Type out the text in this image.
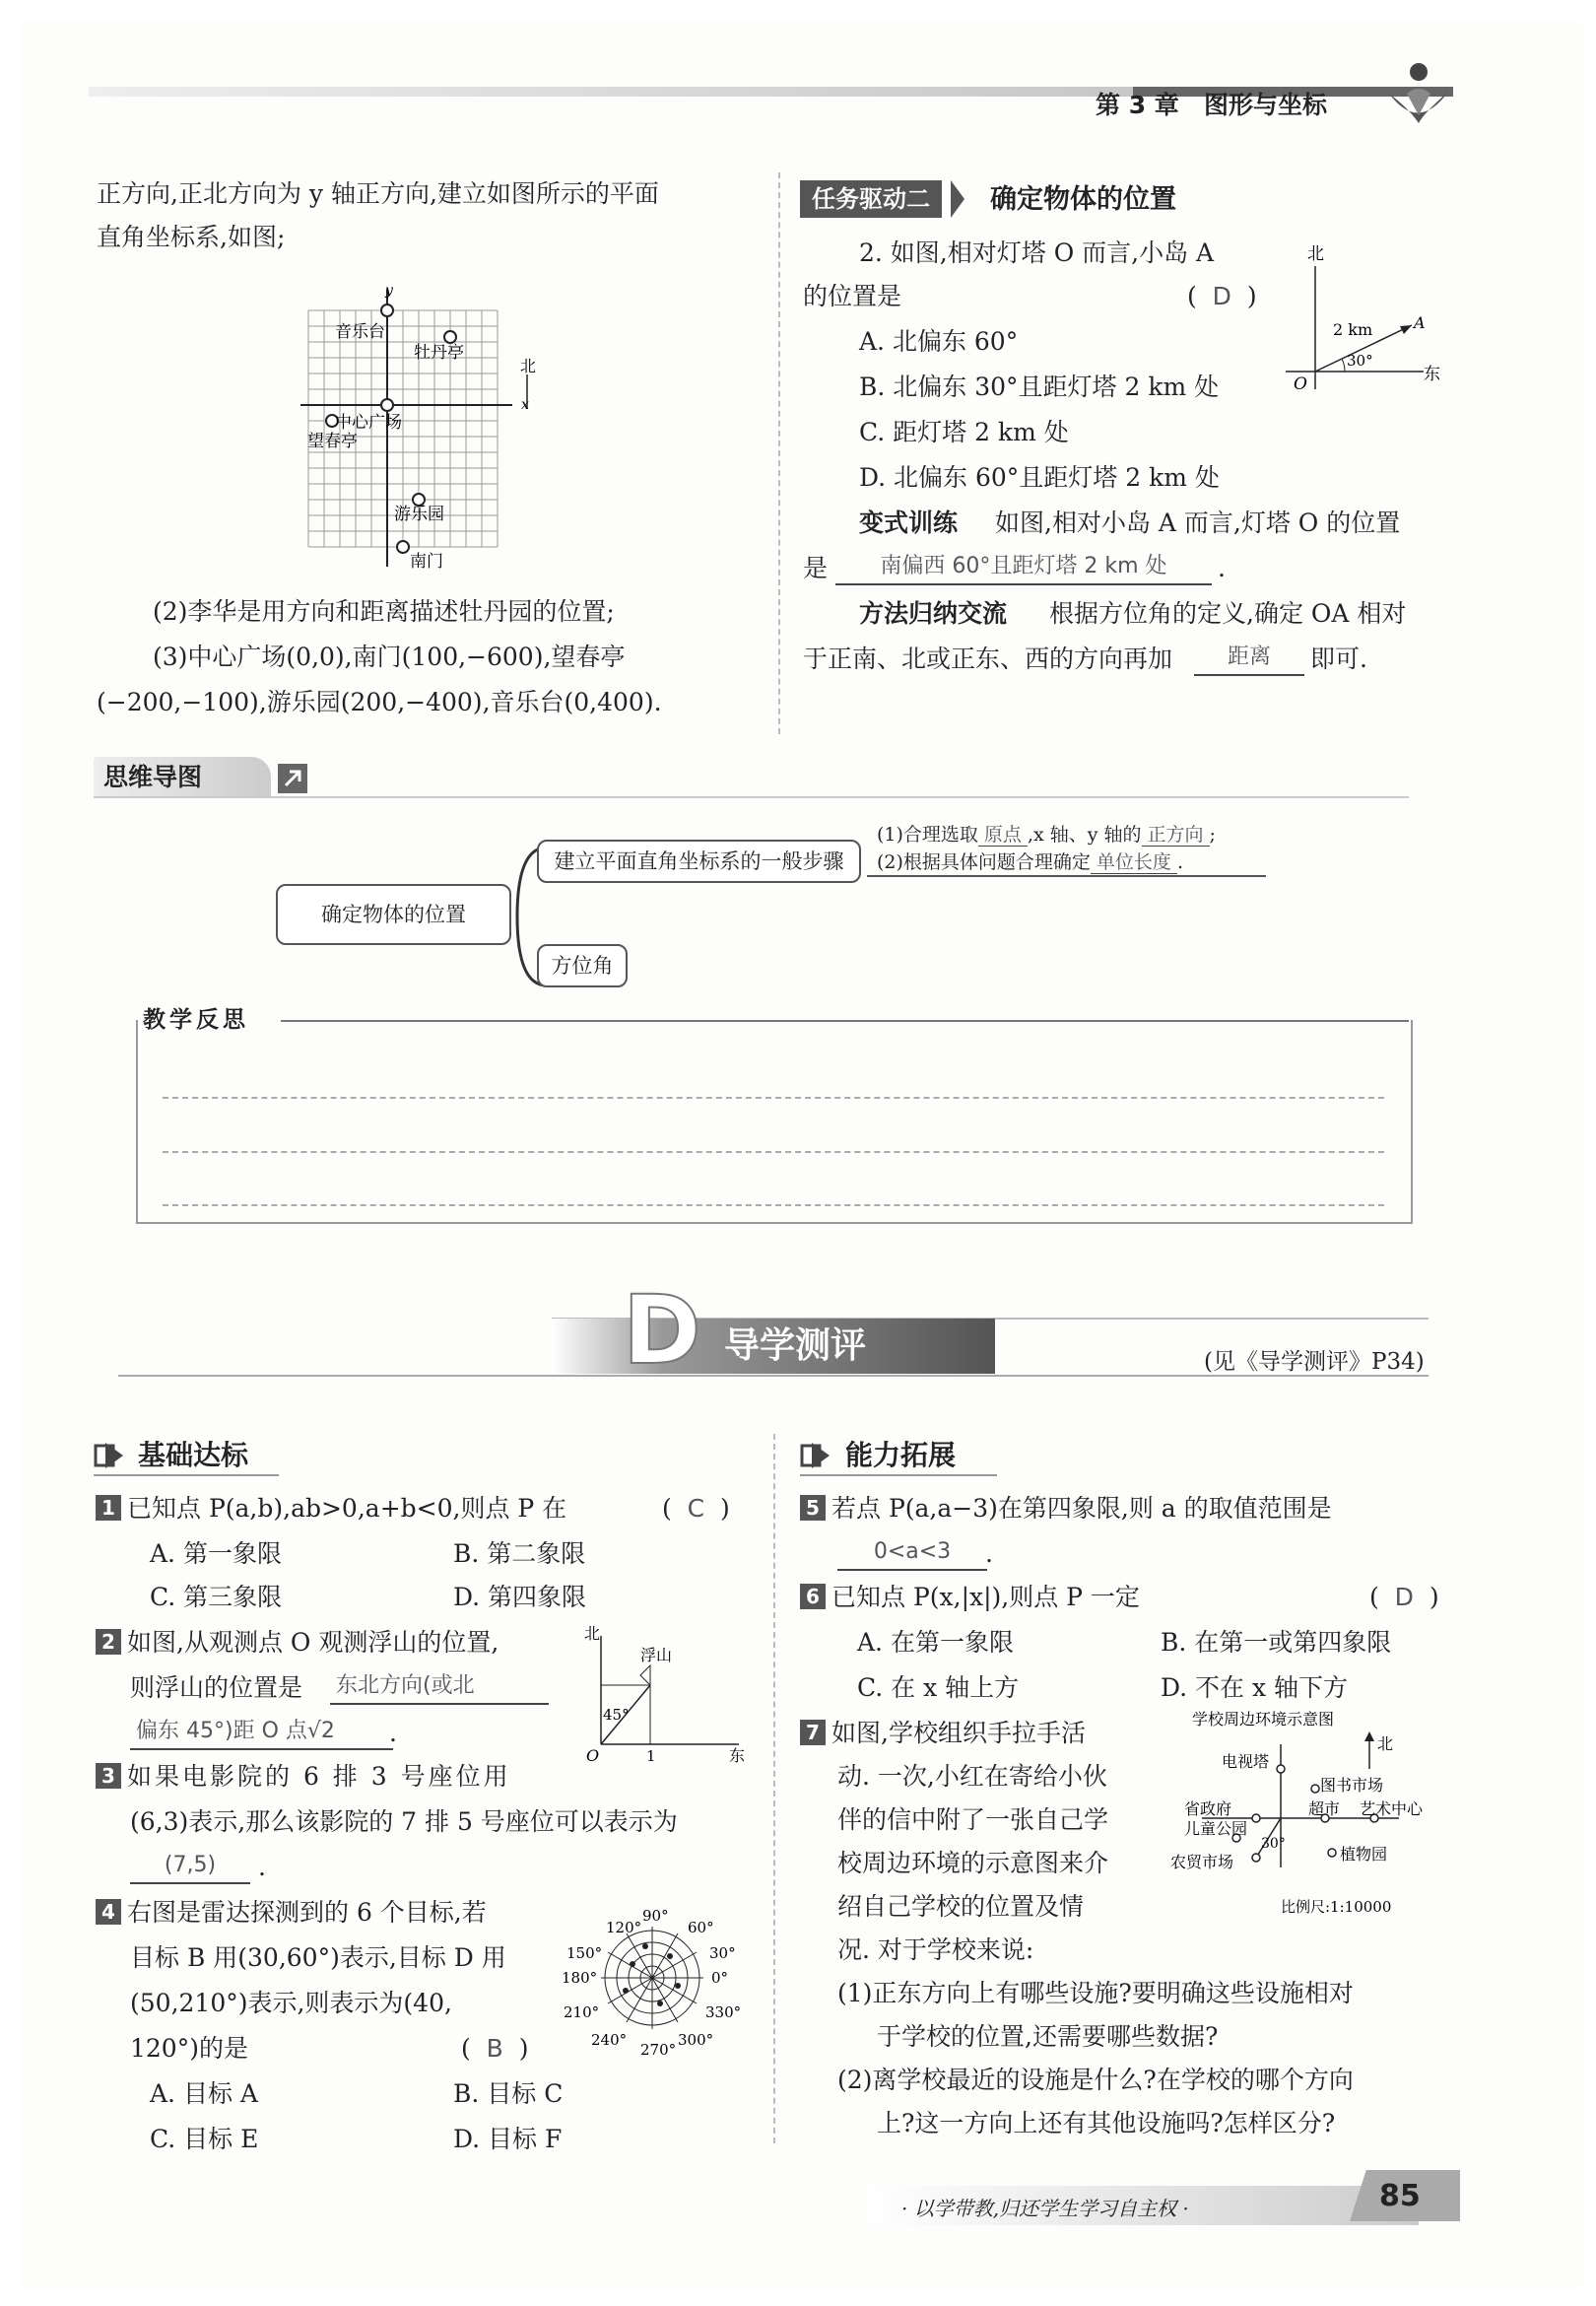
第 3 章 图形与坐标
正方向,正北方向为 y 轴正方向,建立如图所示的平面
直角坐标系,如图;
y
x
北
音乐台
牡丹亭
中心广场
望春亭
游乐园
南门
(2)李华是用方向和距离描述牡丹园的位置;
(3)中心广场(0,0),南门(100,−600),望春亭
(−200,−100),游乐园(200,−400),音乐台(0,400).
任务驱动二	确定物体的位置
2. 如图,相对灯塔 O 而言,小岛 A
的位置是	(  D  )
A. 北偏东 60°
B. 北偏东 30°且距灯塔 2 km 处
C. 距灯塔 2 km 处
D. 北偏东 60°且距灯塔 2 km 处
北
东
O
A
2 km
30°
变式训练 如图,相对小岛 A 而言,灯塔 O 的位置
是	南偏西 60°且距灯塔 2 km 处	.
方法归纳交流 根据方位角的定义,确定 OA 相对
于正南、北或正东、西的方向再加	距离	即可.
思维导图
确定物体的位置
建立平面直角坐标系的一般步骤
方位角
(1)合理选取 原点 ,x 轴、y 轴的 正方向 ;
(2)根据具体问题合理确定 单位长度 .
教学反思
D 导学测评	(见《导学测评》P34)
基础达标
1 已知点 P(a,b),ab>0,a+b<0,则点 P 在	(  C  )
A. 第一象限	B. 第二象限
C. 第三象限	D. 第四象限
2 如图,从观测点 O 观测浮山的位置,
则浮山的位置是 东北方向(或北
偏东 45°)距 O 点√2	.
北
东
O	1
45°
浮山
3 如果电影院的 6 排 3 号座位用
(6,3)表示,那么该影院的 7 排 5 号座位可以表示为
(7,5)	.
4 右图是雷达探测到的 6 个目标,若
目标 B 用(30,60°)表示,目标 D 用
(50,210°)表示,则表示为(40,
120°)的是	(  B  )
A. 目标 A	B. 目标 C
C. 目标 E	D. 目标 F
90°
60°
30°
0°
330°
300°
270°
240°
210°
180°
150°
120°
能力拓展
5 若点 P(a,a−3)在第四象限,则 a 的取值范围是
0<a<3	.
6 已知点 P(x,|x|),则点 P 一定	(  D  )
A. 在第一象限	B. 在第一或第四象限
C. 在 x 轴上方	D. 不在 x 轴下方
7 如图,学校组织手拉手活
动. 一次,小红在寄给小伙
伴的信中附了一张自己学
校周边环境的示意图来介
绍自己学校的位置及情
况. 对于学校来说:
学校周边环境示意图
北
电视塔
图书市场
省政府	超市 艺术中心
儿童公园
植物园
农贸市场
30°
比例尺:1:10000
(1)正东方向上有哪些设施?要明确这些设施相对
于学校的位置,还需要哪些数据?
(2)离学校最近的设施是什么?在学校的哪个方向
上?这一方向上还有其他设施吗?怎样区分?
· 以学带教,归还学生学习自主权 ·	85
